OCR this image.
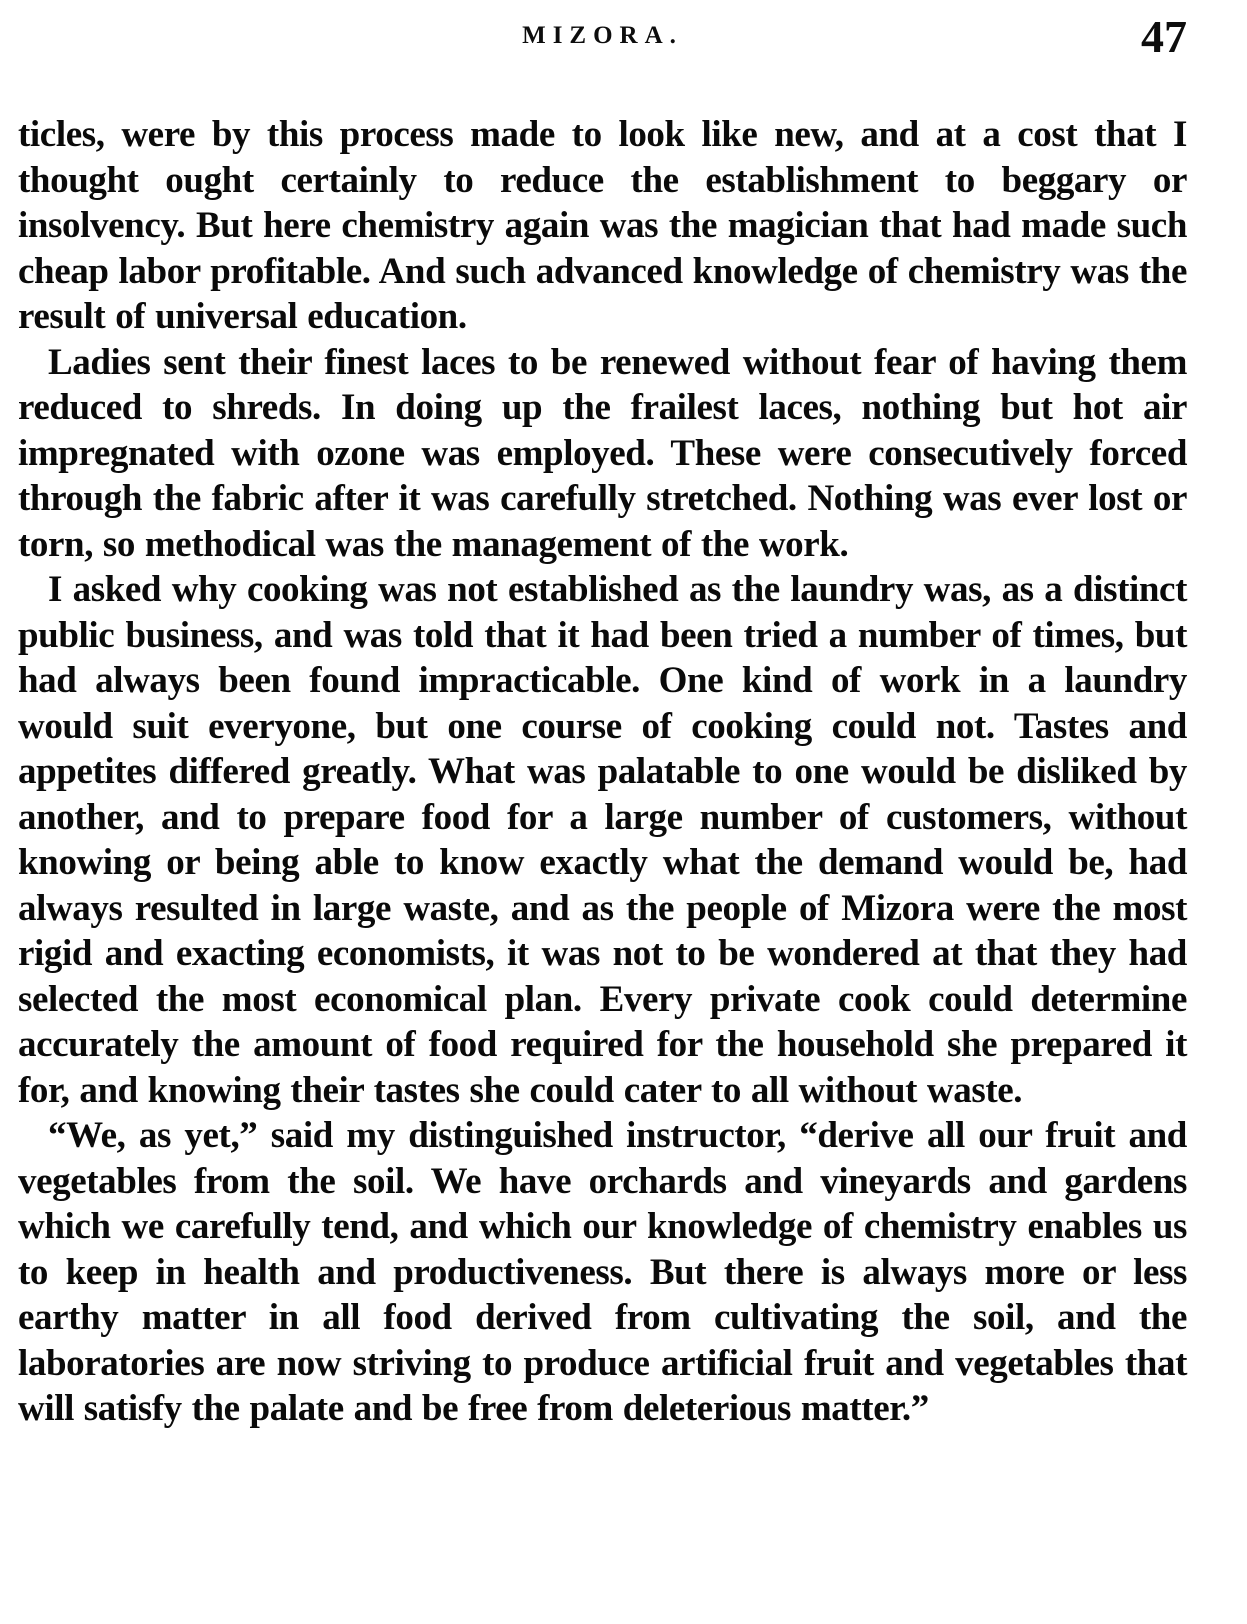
MIZORA.	47

ticles, were by this process made to look like new, and at a cost that I thought ought certainly to reduce the establishment to beggary or insolvency. But here chemistry again was the magician that had made such cheap labor profitable. And such advanced knowledge of chemistry was the result of universal education.

Ladies sent their finest laces to be renewed without fear of having them reduced to shreds. In doing up the frailest laces, nothing but hot air impregnated with ozone was employed. These were consecutively forced through the fabric after it was carefully stretched. Nothing was ever lost or torn, so methodical was the management of the work.

I asked why cooking was not established as the laundry was, as a distinct public business, and was told that it had been tried a number of times, but had always been found impracticable. One kind of work in a laundry would suit everyone, but one course of cooking could not. Tastes and appetites differed greatly. What was palatable to one would be disliked by another, and to prepare food for a large number of customers, without knowing or being able to know exactly what the demand would be, had always resulted in large waste, and as the people of Mizora were the most rigid and exacting economists, it was not to be wondered at that they had selected the most economical plan. Every private cook could determine accurately the amount of food required for the household she prepared it for, and knowing their tastes she could cater to all without waste.

“We, as yet,” said my distinguished instructor, “derive all our fruit and vegetables from the soil. We have orchards and vineyards and gardens which we carefully tend, and which our knowledge of chemistry enables us to keep in health and productiveness. But there is always more or less earthy matter in all food derived from cultivating the soil, and the laboratories are now striving to produce artificial fruit and vegetables that will satisfy the palate and be free from deleterious matter.”
